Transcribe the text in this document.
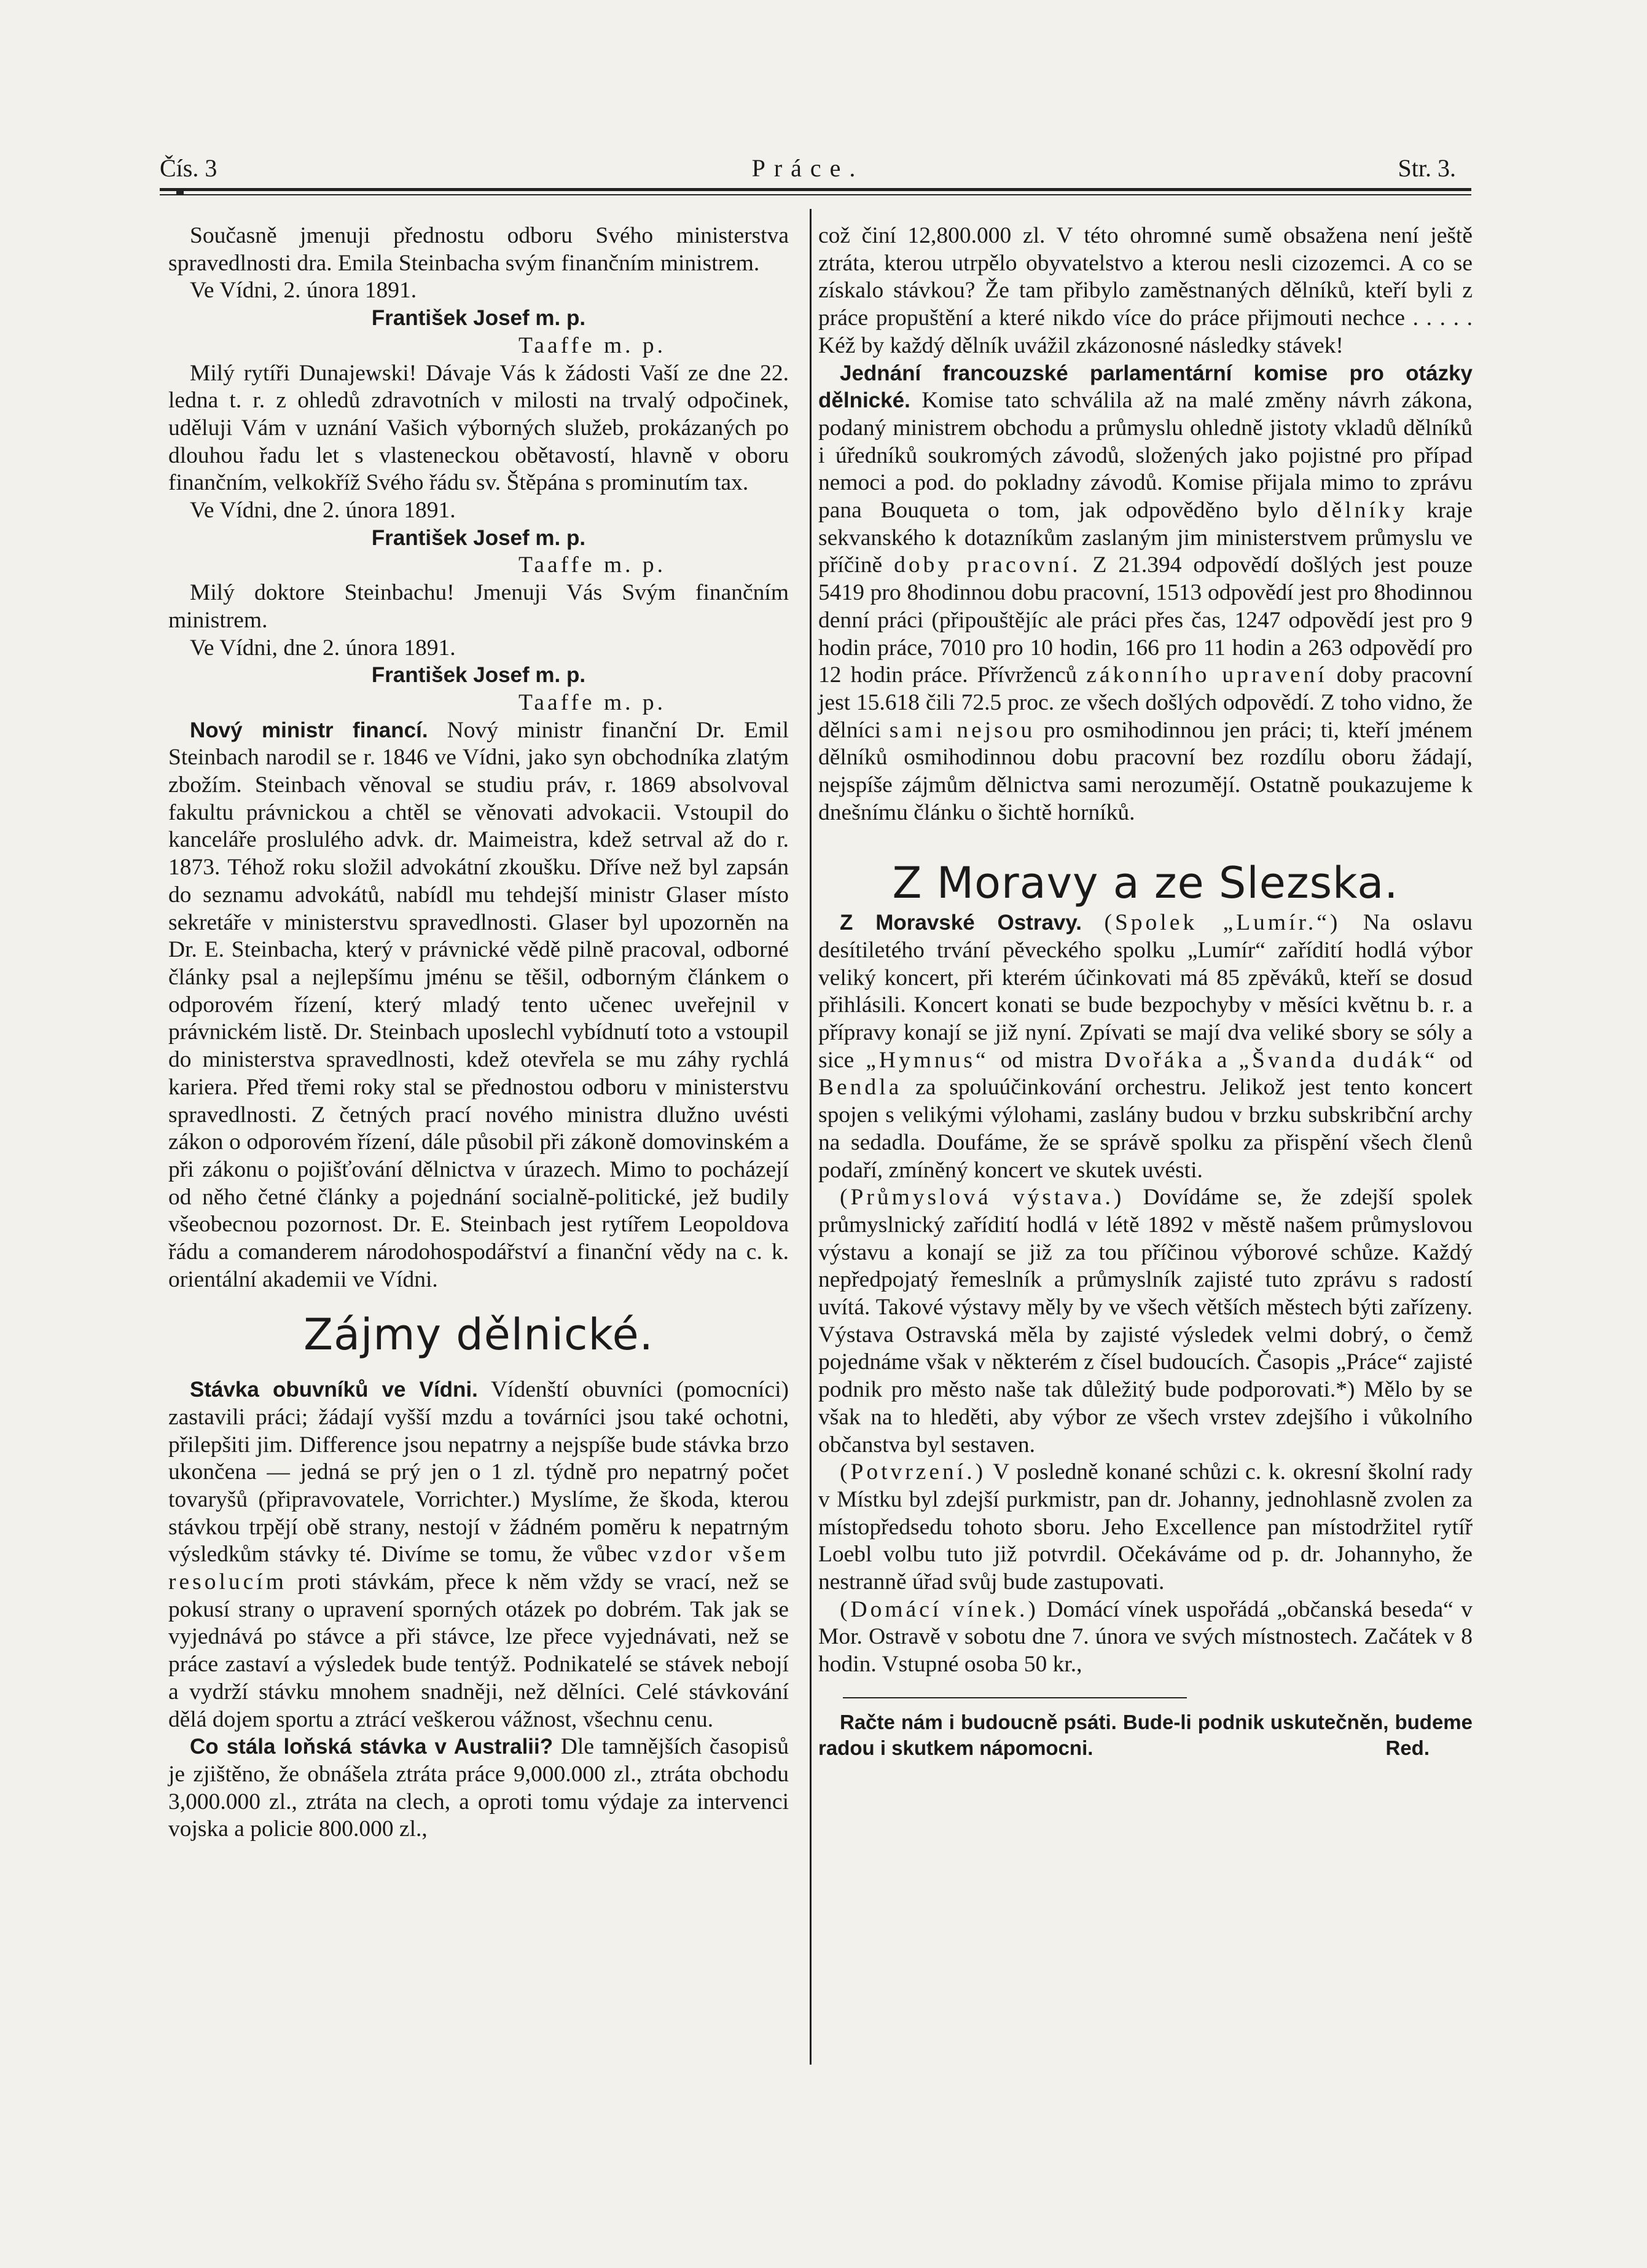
Čís. 3	Práce.	Str. 3.

Současně jmenuji přednostu odboru Svého ministerstva spravedlnosti dra. Emila Steinbacha svým finančním ministrem.

Ve Vídni, 2. února 1891.

František Josef m. p.

Taaffe m. p.

Milý rytíři Dunajewski! Dávaje Vás k žádosti Vaší ze dne 22. ledna t. r. z ohledů zdravotních v milosti na trvalý odpočinek, uděluji Vám v uznání Vašich výborných služeb, prokázaných po dlouhou řadu let s vlasteneckou obětavostí, hlavně v oboru finančním, velkokříž Svého řádu sv. Štěpána s prominutím tax.

Ve Vídni, dne 2. února 1891.

František Josef m. p.

Taaffe m. p.

Milý doktore Steinbachu! Jmenuji Vás Svým finančním ministrem.

Ve Vídni, dne 2. února 1891.

František Josef m. p.

Taaffe m. p.

Nový ministr financí. Nový ministr finanční Dr. Emil Steinbach narodil se r. 1846 ve Vídni, jako syn obchodníka zlatým zbožím. Steinbach věnoval se studiu práv, r. 1869 absolvoval fakultu právnickou a chtěl se věnovati advokacii. Vstoupil do kanceláře proslulého advk. dr. Maimeistra, kdež setrval až do r. 1873. Téhož roku složil advokátní zkoušku. Dříve než byl zapsán do seznamu advokátů, nabídl mu tehdejší ministr Glaser místo sekretáře v ministerstvu spravedlnosti. Glaser byl upozorněn na Dr. E. Steinbacha, který v právnické vědě pilně pracoval, odborné články psal a nejlepšímu jménu se těšil, odborným článkem o odporovém řízení, který mladý tento učenec uveřejnil v právnickém listě. Dr. Steinbach uposlechl vybídnutí toto a vstoupil do ministerstva spravedlnosti, kdež otevřela se mu záhy rychlá kariera. Před třemi roky stal se přednostou odboru v ministerstvu spravedlnosti. Z četných prací nového ministra dlužno uvésti zákon o odporovém řízení, dále působil při zákoně domovinském a při zákonu o pojišťování dělnictva v úrazech. Mimo to pocházejí od něho četné články a pojednání socialně-politické, jež budily všeobecnou pozornost. Dr. E. Steinbach jest rytířem Leopoldova řádu a comanderem národohospodářství a finanční vědy na c. k. orientální akademii ve Vídni.

Zájmy dělnické.

Stávka obuvníků ve Vídni. Vídenští obuvníci (pomocníci) zastavili práci; žádají vyšší mzdu a továrníci jsou také ochotni, přilepšiti jim. Difference jsou nepatrny a nejspíše bude stávka brzo ukončena — jedná se prý jen o 1 zl. týdně pro nepatrný počet tovaryšů (připravovatele, Vorrichter.) Myslíme, že škoda, kterou stávkou trpějí obě strany, nestojí v žádném poměru k nepatrným výsledkům stávky té. Divíme se tomu, že vůbec vzdor všem resolucím proti stávkám, přece k něm vždy se vrací, než se pokusí strany o upravení sporných otázek po dobrém. Tak jak se vyjednává po stávce a při stávce, lze přece vyjednávati, než se práce zastaví a výsledek bude tentýž. Podnikatelé se stávek nebojí a vydrží stávku mnohem snadněji, než dělníci. Celé stávkování dělá dojem sportu a ztrácí veškerou vážnost, všechnu cenu.

Co stála loňská stávka v Australii? Dle tamnějších časopisů je zjištěno, že obnášela ztráta práce 9,000.000 zl., ztráta obchodu 3,000.000 zl., ztráta na clech, a oproti tomu výdaje za intervenci vojska a policie 800.000 zl.,

což činí 12,800.000 zl. V této ohromné sumě obsažena není ještě ztráta, kterou utrpělo obyvatelstvo a kterou nesli cizozemci. A co se získalo stávkou? Že tam přibylo zaměstnaných dělníků, kteří byli z práce propuštění a které nikdo více do práce přijmouti nechce . . . . . Kéž by každý dělník uvážil zkázonosné následky stávek!

Jednání francouzské parlamentární komise pro otázky dělnické. Komise tato schválila až na malé změny návrh zákona, podaný ministrem obchodu a průmyslu ohledně jistoty vkladů dělníků i úředníků soukromých závodů, složených jako pojistné pro případ nemoci a pod. do pokladny závodů. Komise přijala mimo to zprávu pana Bouqueta o tom, jak odpověděno bylo dělníky kraje sekvanského k dotazníkům zaslaným jim ministerstvem průmyslu ve příčině doby pracovní. Z 21.394 odpovědí došlých jest pouze 5419 pro 8hodinnou dobu pracovní, 1513 odpovědí jest pro 8hodinnou denní práci (připouštějíc ale práci přes čas, 1247 odpovědí jest pro 9 hodin práce, 7010 pro 10 hodin, 166 pro 11 hodin a 263 odpovědí pro 12 hodin práce. Přívrženců zákonního upravení doby pracovní jest 15.618 čili 72.5 proc. ze všech došlých odpovědí. Z toho vidno, že dělníci sami nejsou pro osmihodinnou jen práci; ti, kteří jménem dělníků osmihodinnou dobu pracovní bez rozdílu oboru žádají, nejspíše zájmům dělnictva sami nerozumějí. Ostatně poukazujeme k dnešnímu článku o šichtě horníků.

Z Moravy a ze Slezska.

Z Moravské Ostravy. (Spolek „Lumír.“) Na oslavu desítiletého trvání pěveckého spolku „Lumír“ zařídití hodlá výbor veliký koncert, při kterém účinkovati má 85 zpěváků, kteří se dosud přihlásili. Koncert konati se bude bezpochyby v měsíci květnu b. r. a přípravy konají se již nyní. Zpívati se mají dva veliké sbory se sóly a sice „Hymnus“ od mistra Dvořáka a „Švanda dudák“ od Bendla za spoluúčinkování orchestru. Jelikož jest tento koncert spojen s velikými výlohami, zaslány budou v brzku subskribční archy na sedadla. Doufáme, že se správě spolku za přispění všech členů podaří, zmíněný koncert ve skutek uvésti.

(Průmyslová výstava.) Dovídáme se, že zdejší spolek průmyslnický zařídití hodlá v létě 1892 v městě našem průmyslovou výstavu a konají se již za tou příčinou výborové schůze. Každý nepředpojatý řemeslník a průmyslník zajisté tuto zprávu s radostí uvítá. Takové výstavy měly by ve všech větších městech býti zařízeny. Výstava Ostravská měla by zajisté výsledek velmi dobrý, o čemž pojednáme však v některém z čísel budoucích. Časopis „Práce“ zajisté podnik pro město naše tak důležitý bude podporovati.*) Mělo by se však na to hleděti, aby výbor ze všech vrstev zdejšího i vůkolního občanstva byl sestaven.

(Potvrzení.) V posledně konané schůzi c. k. okresní školní rady v Místku byl zdejší purkmistr, pan dr. Johanny, jednohlasně zvolen za místopředsedu tohoto sboru. Jeho Excellence pan místodržitel rytíř Loebl volbu tuto již potvrdil. Očekáváme od p. dr. Johannyho, že nestranně úřad svůj bude zastupovati.

(Domácí vínek.) Domácí vínek uspořádá „občanská beseda“ v Mor. Ostravě v sobotu dne 7. února ve svých místnostech. Začátek v 8 hodin. Vstupné osoba 50 kr.,

Račte nám i budoucně psáti. Bude-li podnik uskutečněn, budeme radou i skutkem nápomocni.	Red.
